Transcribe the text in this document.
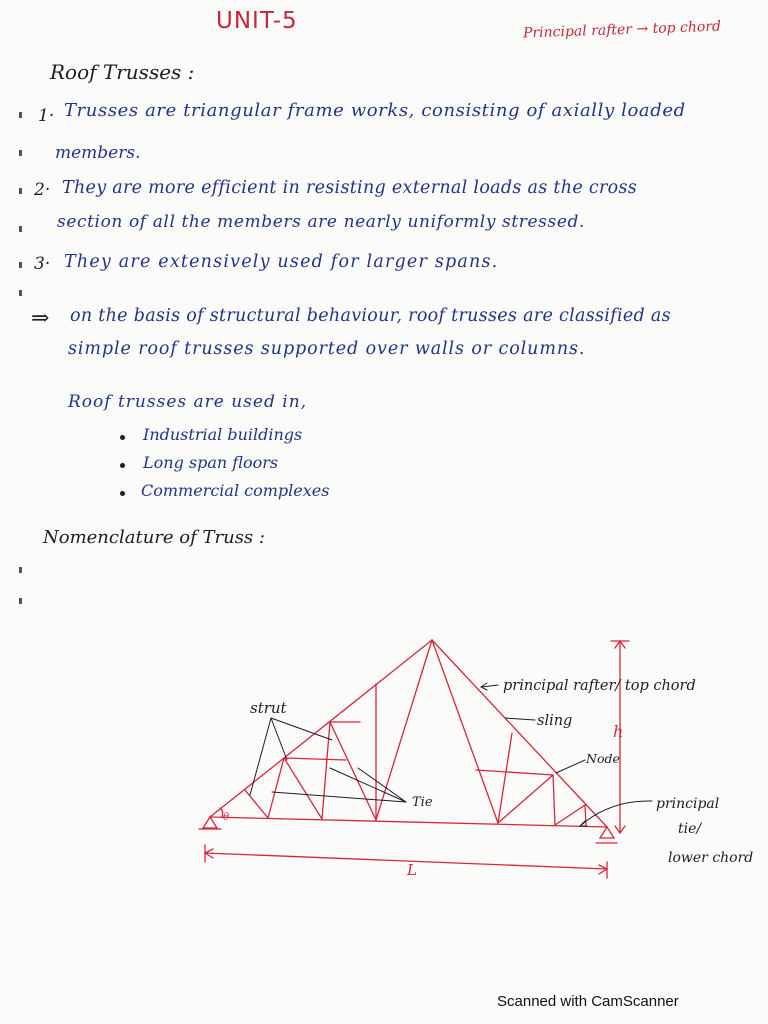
UNIT-5	Principal rafter → top chord
Roof Trusses :
1· Trusses are triangular frame works, consisting of axially loaded
members.
2· They are more efficient in resisting external loads as the cross
section of all the members are nearly uniformly stressed.
3· They are extensively used for larger spans.
⇒ on the basis of structural behaviour, roof trusses are classified as
simple roof trusses supported over walls or columns.
Roof trusses are used in,
Industrial buildings
Long span floors
Commercial complexes
Nomenclature of Truss :
strut
Tie
principal rafter/ top chord
sling
Node
h
principal
tie/
lower chord
L
θ
Scanned with CamScanner
